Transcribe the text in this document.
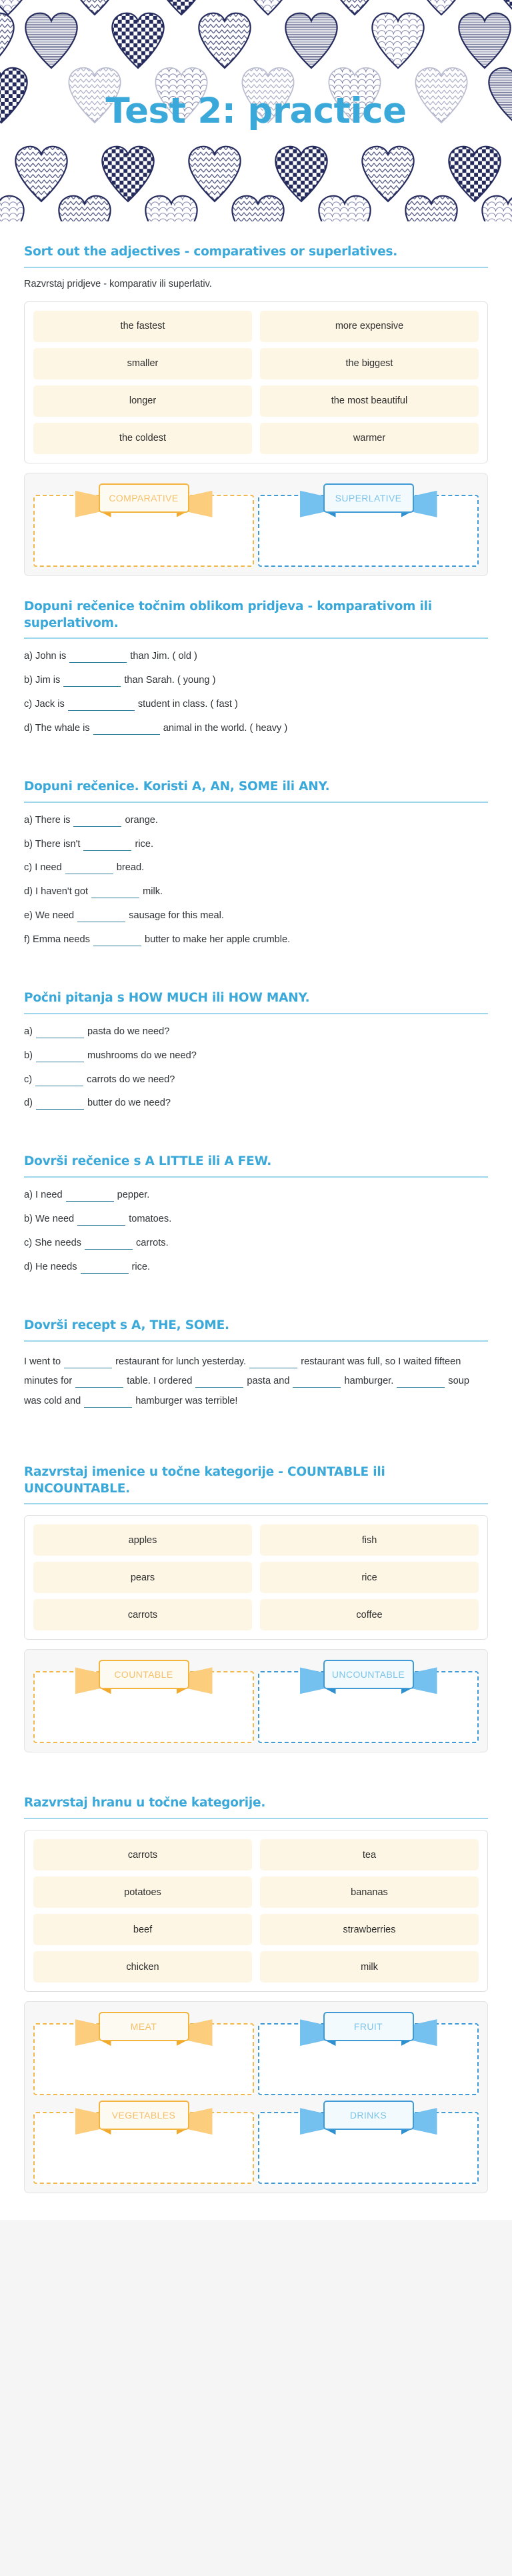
Test 2: practice
Sort out the adjectives - comparatives or superlatives.

Razvrstaj pridjeve - komparativ ili superlativ.

the fastest	more expensive
smaller	the biggest
longer	the most beautiful
the coldest	warmer
COMPARATIVE	SUPERLATIVE
Dopuni rečenice točnim oblikom pridjeva - komparativom ili superlativom.

a) John is	than Jim. ( old )

b) Jim is	than Sarah. ( young )

c) Jack is	student in class. ( fast )

d) The whale is	animal in the world. ( heavy )

Dopuni rečenice. Koristi A, AN, SOME ili ANY.

a) There is	orange.

b) There isn't	rice.

c) I need	bread.

d) I haven't got	milk.

e) We need	sausage for this meal.

f) Emma needs	butter to make her apple crumble.

Počni pitanja s HOW MUCH ili HOW MANY.

a)	pasta do we need?

b)	mushrooms do we need?

c)	carrots do we need?

d)	butter do we need?

Dovrši rečenice s A LITTLE ili A FEW.

a) I need	pepper.

b) We need	tomatoes.

c) She needs	carrots.

d) He needs	rice.

Dovrši recept s A, THE, SOME.

I went to	restaurant for lunch yesterday.	restaurant was full, so I waited fifteen minutes for	table. I ordered	pasta and	hamburger.	soup was cold and	hamburger was terrible!

Razvrstaj imenice u točne kategorije - COUNTABLE ili UNCOUNTABLE.
apples	fish
pears	rice
carrots	coffee
COUNTABLE	UNCOUNTABLE
Razvrstaj hranu u točne kategorije.
carrots	tea
potatoes	bananas
beef	strawberries
chicken	milk
MEAT	FRUIT
VEGETABLES	DRINKS
